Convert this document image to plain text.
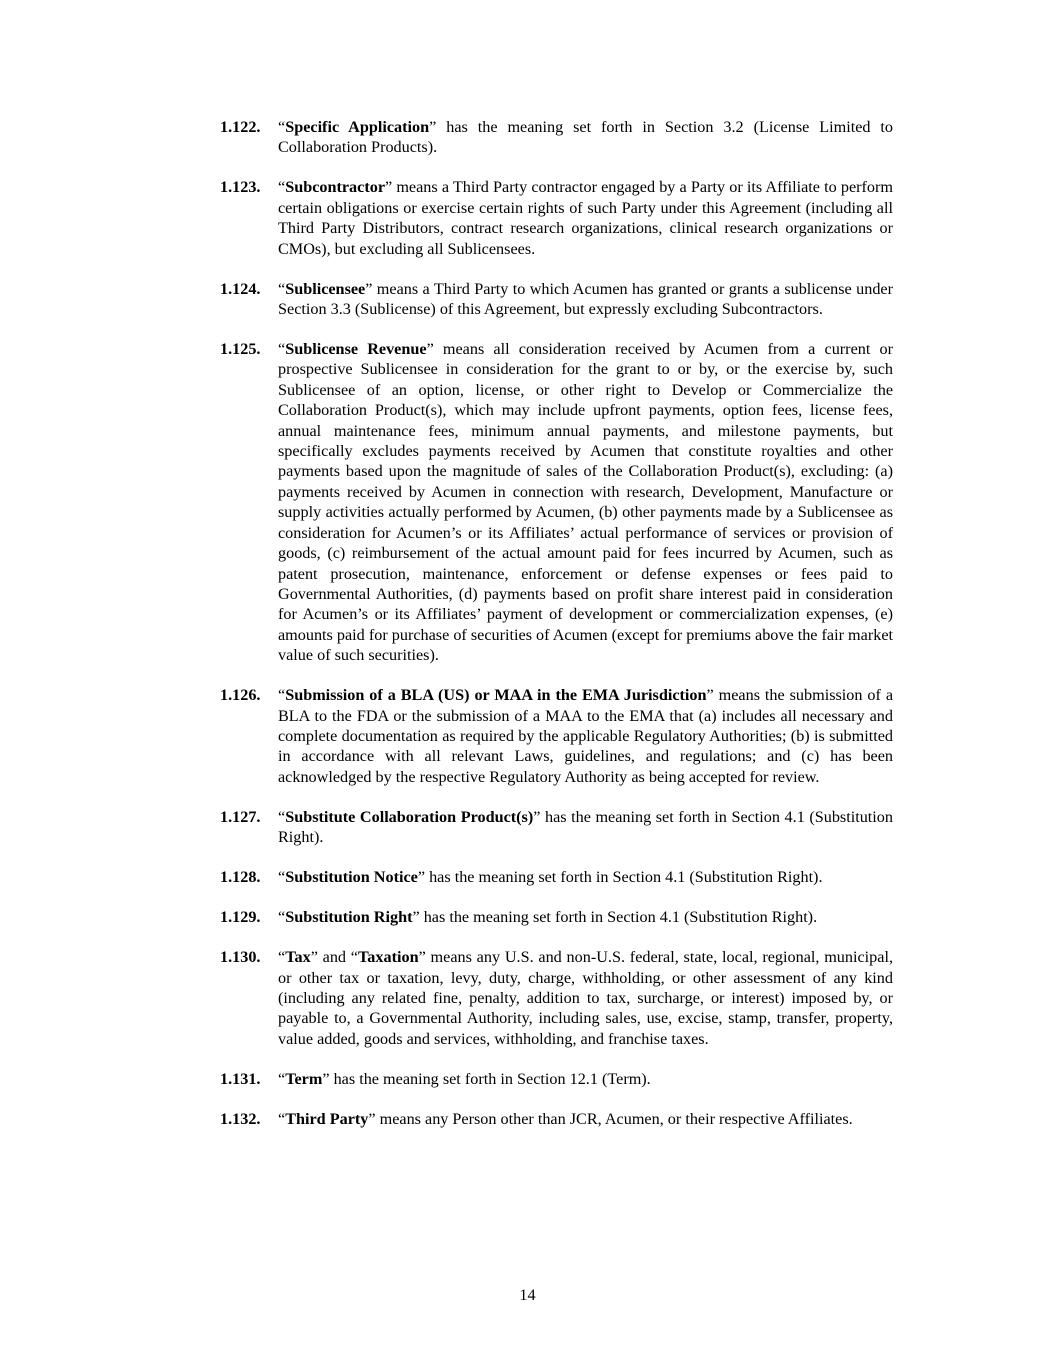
1.122.	“Specific Application” has the meaning set forth in Section 3.2 (License Limited to Collaboration Products).
1.123.	“Subcontractor” means a Third Party contractor engaged by a Party or its Affiliate to perform certain obligations or exercise certain rights of such Party under this Agreement (including all Third Party Distributors, contract research organizations, clinical research organizations or CMOs), but excluding all Sublicensees.
1.124.	“Sublicensee” means a Third Party to which Acumen has granted or grants a sublicense under Section 3.3 (Sublicense) of this Agreement, but expressly excluding Subcontractors.
1.125.	“Sublicense Revenue” means all consideration received by Acumen from a current or prospective Sublicensee in consideration for the grant to or by, or the exercise by, such Sublicensee of an option, license, or other right to Develop or Commercialize the Collaboration Product(s), which may include upfront payments, option fees, license fees, annual maintenance fees, minimum annual payments, and milestone payments, but specifically excludes payments received by Acumen that constitute royalties and other payments based upon the magnitude of sales of the Collaboration Product(s), excluding: (a) payments received by Acumen in connection with research, Development, Manufacture or supply activities actually performed by Acumen, (b) other payments made by a Sublicensee as consideration for Acumen’s or its Affiliates’ actual performance of services or provision of goods, (c) reimbursement of the actual amount paid for fees incurred by Acumen, such as patent prosecution, maintenance, enforcement or defense expenses or fees paid to Governmental Authorities, (d) payments based on profit share interest paid in consideration for Acumen’s or its Affiliates’ payment of development or commercialization expenses, (e) amounts paid for purchase of securities of Acumen (except for premiums above the fair market value of such securities).
1.126.	“Submission of a BLA (US) or MAA in the EMA Jurisdiction” means the submission of a BLA to the FDA or the submission of a MAA to the EMA that (a) includes all necessary and complete documentation as required by the applicable Regulatory Authorities; (b) is submitted in accordance with all relevant Laws, guidelines, and regulations; and (c) has been acknowledged by the respective Regulatory Authority as being accepted for review.
1.127.	“Substitute Collaboration Product(s)” has the meaning set forth in Section 4.1 (Substitution Right).
1.128.	“Substitution Notice” has the meaning set forth in Section 4.1 (Substitution Right).
1.129.	“Substitution Right” has the meaning set forth in Section 4.1 (Substitution Right).
1.130.	“Tax” and “Taxation” means any U.S. and non-U.S. federal, state, local, regional, municipal, or other tax or taxation, levy, duty, charge, withholding, or other assessment of any kind (including any related fine, penalty, addition to tax, surcharge, or interest) imposed by, or payable to, a Governmental Authority, including sales, use, excise, stamp, transfer, property, value added, goods and services, withholding, and franchise taxes.
1.131.	“Term” has the meaning set forth in Section 12.1 (Term).
1.132.	“Third Party” means any Person other than JCR, Acumen, or their respective Affiliates.
14
